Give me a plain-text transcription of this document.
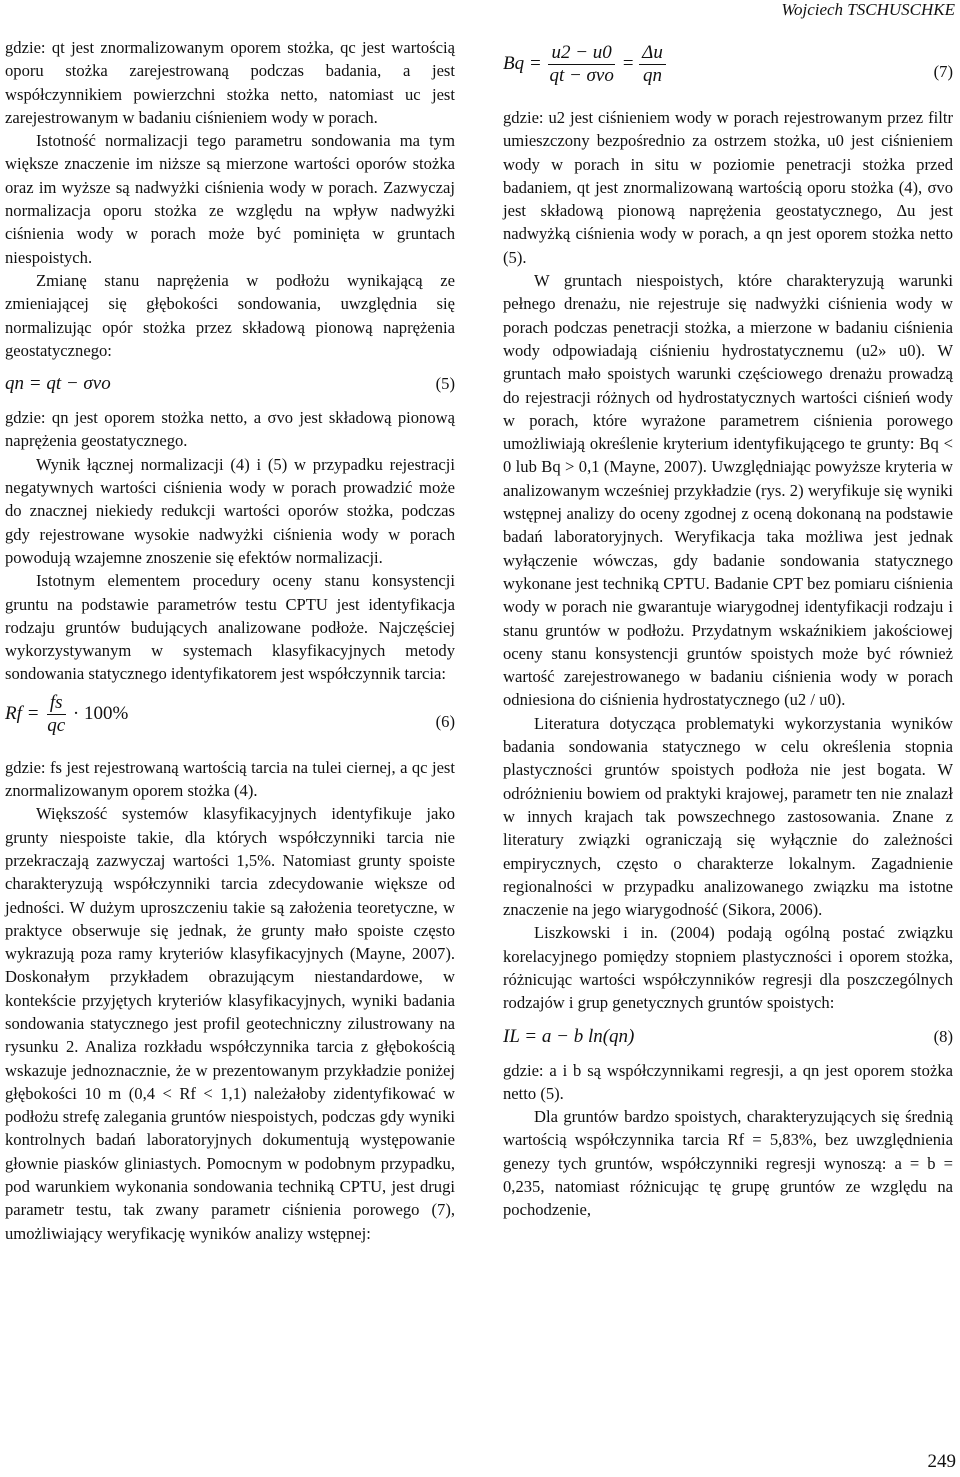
Wojciech TSCHUSCHKE

gdzie: qt jest znormalizowanym oporem stożka, qc jest wartością oporu stożka zarejestrowaną podczas badania, a jest współczynnikiem powierzchni stożka netto, natomiast uc jest zarejestrowanym w badaniu ciśnieniem wody w porach.

Istotność normalizacji tego parametru sondowania ma tym większe znaczenie im niższe są mierzone wartości oporów stożka oraz im wyższe są nadwyżki ciśnienia wody w porach. Zazwyczaj normalizacja oporu stożka ze względu na wpływ nadwyżki ciśnienia wody w porach może być pominięta w gruntach niespoistych.

Zmianę stanu naprężenia w podłożu wynikającą ze zmieniającej się głębokości sondowania, uwzględnia się normalizując opór stożka przez składową pionową naprężenia geostatycznego:

qn = qt − σvo	(5)

gdzie: qn jest oporem stożka netto, a σvo jest składową pionową naprężenia geostatycznego.

Wynik łącznej normalizacji (4) i (5) w przypadku rejestracji negatywnych wartości ciśnienia wody w porach prowadzić może do znacznej niekiedy redukcji wartości oporów stożka, podczas gdy rejestrowane wysokie nadwyżki ciśnienia wody w porach powodują wzajemne znoszenie się efektów normalizacji.

Istotnym elementem procedury oceny stanu konsystencji gruntu na podstawie parametrów testu CPTU jest identyfikacja rodzaju gruntów budujących analizowane podłoże. Najczęściej wykorzystywanym w systemach klasyfikacyjnych metody sondowania statycznego identyfikatorem jest współczynnik tarcia:

$Rf = \frac{fs}{qc} \cdot 100\%$	(6)

gdzie: fs jest rejestrowaną wartością tarcia na tulei ciernej, a qc jest znormalizowanym oporem stożka (4).

Większość systemów klasyfikacyjnych identyfikuje jako grunty niespoiste takie, dla których współczynniki tarcia nie przekraczają zazwyczaj wartości 1,5%. Natomiast grunty spoiste charakteryzują współczynniki tarcia zdecydowanie większe od jedności. W dużym uproszczeniu takie są założenia teoretyczne, w praktyce obserwuje się jednak, że grunty mało spoiste często wykrazują poza ramy kryteriów klasyfikacyjnych (Mayne, 2007). Doskonałym przykładem obrazującym niestandardowe, w kontekście przyjętych kryteriów klasyfikacyjnych, wyniki badania sondowania statycznego jest profil geotechniczny zilustrowany na rysunku 2. Analiza rozkładu współczynnika tarcia z głębokością wskazuje jednoznacznie, że w prezentowanym przykładzie poniżej głębokości 10 m (0,4 < Rf < 1,1) należałoby zidentyfikować w podłożu strefę zalegania gruntów niespoistych, podczas gdy wyniki kontrolnych badań laboratoryjnych dokumentują występowanie głownie piasków gliniastych. Pomocnym w podobnym przypadku, pod warunkiem wykonania sondowania techniką CPTU, jest drugi parametr testu, tak zwany parametr ciśnienia porowego (7), umożliwiający weryfikację wyników analizy wstępnej:

$Bq = \frac{u2 - u0}{\text{qt − σvo}} = \frac{\Delta u}{qn}$	(7)

gdzie: u2 jest ciśnieniem wody w porach rejestrowanym przez filtr umieszczony bezpośrednio za ostrzem stożka, u0 jest ciśnieniem wody w porach in situ w poziomie penetracji stożka przed badaniem, qt jest znormalizowaną wartością oporu stożka (4), σvo jest składową pionową naprężenia geostatycznego, Δu jest nadwyżką ciśnienia wody w porach, a qn jest oporem stożka netto (5).

W gruntach niespoistych, które charakteryzują warunki pełnego drenażu, nie rejestruje się nadwyżki ciśnienia wody w porach podczas penetracji stożka, a mierzone w badaniu ciśnienia wody odpowiadają ciśnieniu hydrostatycznemu (u2» u0). W gruntach mało spoistych warunki częściowego drenażu prowadzą do rejestracji różnych od hydrostatycznych wartości ciśnień wody w porach, które wyrażone parametrem ciśnienia porowego umożliwiają określenie kryterium identyfikującego te grunty: Bq < 0 lub Bq > 0,1 (Mayne, 2007). Uwzględniając powyższe kryteria w analizowanym wcześniej przykładzie (rys. 2) weryfikuje się wyniki wstępnej analizy do oceny zgodnej z oceną dokonaną na podstawie badań laboratoryjnych. Weryfikacja taka możliwa jest jednak wyłączenie wówczas, gdy badanie sondowania statycznego wykonane jest techniką CPTU. Badanie CPT bez pomiaru ciśnienia wody w porach nie gwarantuje wiarygodnej identyfikacji rodzaju i stanu gruntów w podłożu. Przydatnym wskaźnikiem jakościowej oceny stanu konsystencji gruntów spoistych może być również wartość zarejestrowanego w badaniu ciśnienia wody w porach odniesiona do ciśnienia hydrostatycznego (u2 / u0).

Literatura dotycząca problematyki wykorzystania wyników badania sondowania statycznego w celu określenia stopnia plastyczności gruntów spoistych podłoża nie jest bogata. W odróżnieniu bowiem od praktyki krajowej, parametr ten nie znalazł w innych krajach tak powszechnego zastosowania. Znane z literatury związki ograniczają się wyłącznie do zależności empirycznych, często o charakterze lokalnym. Zagadnienie regionalności w przypadku analizowanego związku ma istotne znaczenie na jego wiarygodność (Sikora, 2006).

Liszkowski i in. (2004) podają ogólną postać związku korelacyjnego pomiędzy stopniem plastyczności i oporem stożka, różnicując wartości współczynników regresji dla poszczególnych rodzajów i grup genetycznych gruntów spoistych:

IL = a − b ln(qn)	(8)

gdzie: a i b są współczynnikami regresji, a qn jest oporem stożka netto (5).

Dla gruntów bardzo spoistych, charakteryzujących się średnią wartością współczynnika tarcia Rf = 5,83%, bez uwzględnienia genezy tych gruntów, współczynniki regresji wynoszą: a = b = 0,235, natomiast różnicując tę grupę gruntów ze względu na pochodzenie,

249
